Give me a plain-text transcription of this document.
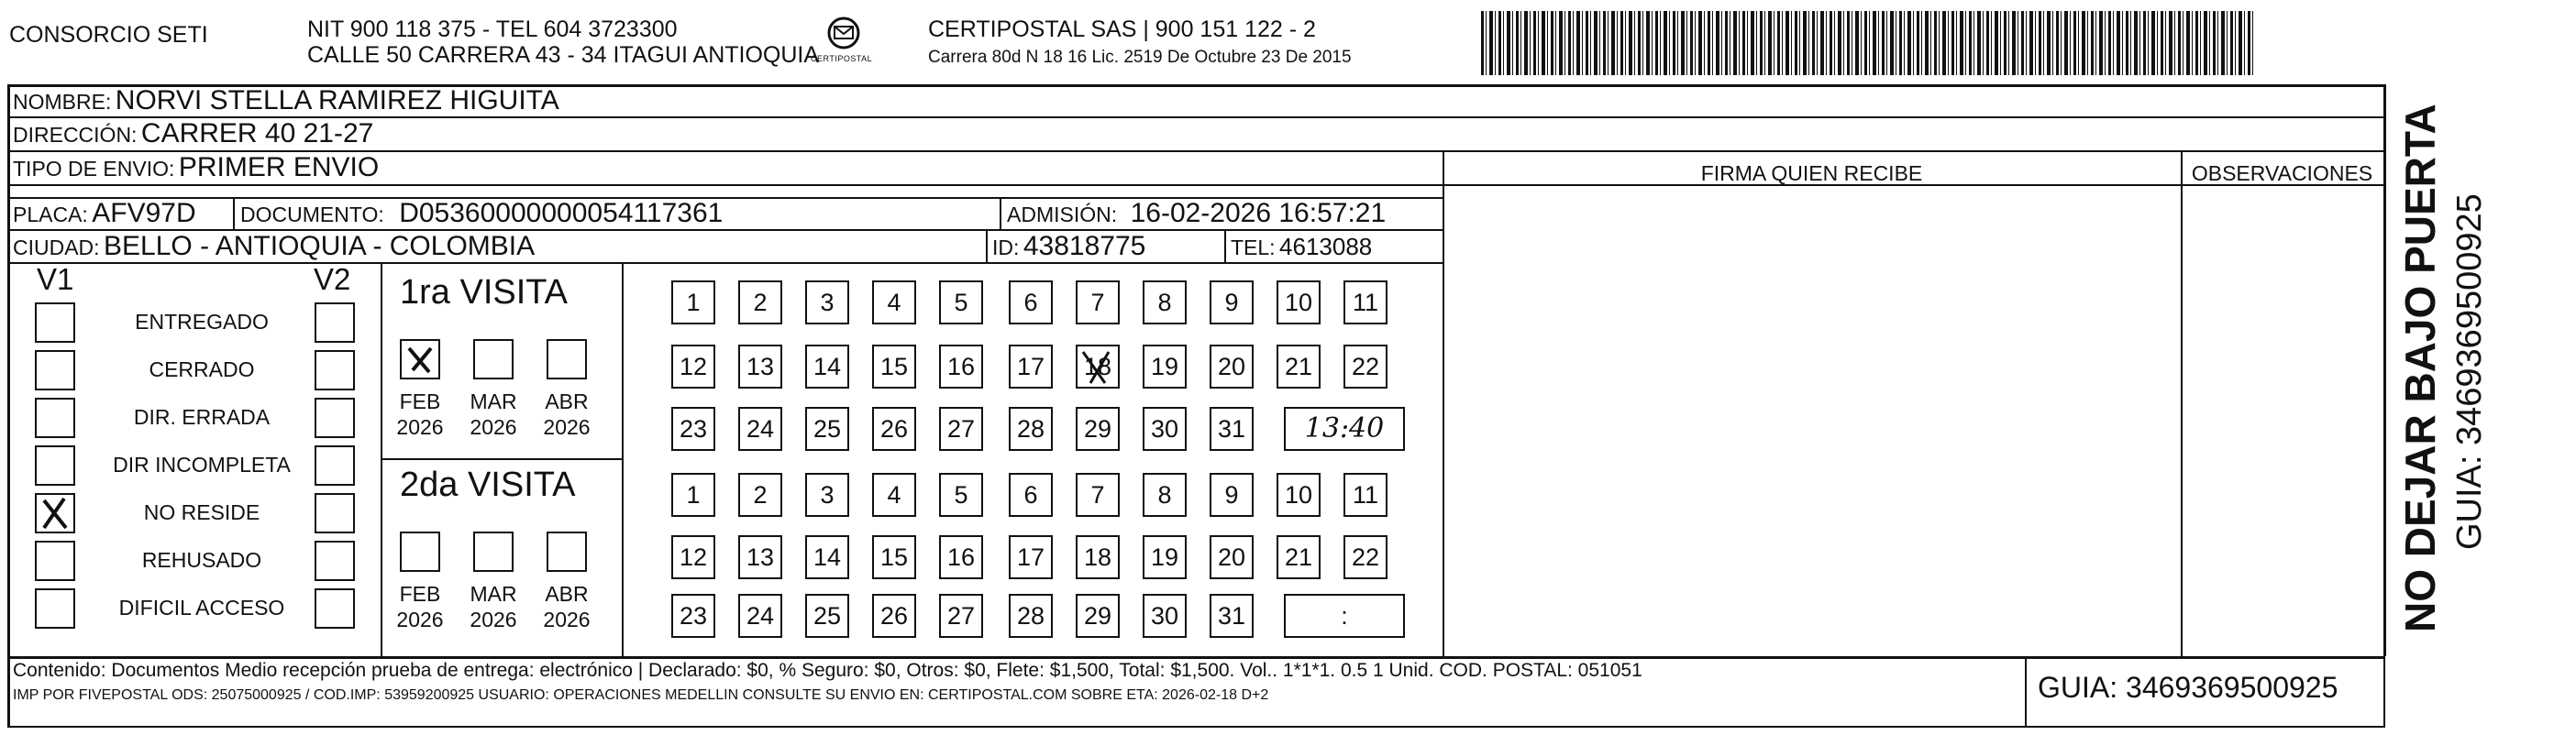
CONSORCIO SETI	NIT 900 118 375 - TEL 604 3723300
CALLE 50 CARRERA 43 - 34 ITAGUI ANTIOQUIA
CERTIPOSTAL
CERTIPOSTAL SAS | 900 151 122 - 2
Carrera 80d N 18 16 Lic. 2519 De Octubre 23 De 2015
NOMBRE: NORVI STELLA RAMIREZ HIGUITA
DIRECCIÓN: CARRER 40 21-27
TIPO DE ENVIO: PRIMER ENVIO	FIRMA QUIEN RECIBE	OBSERVACIONES
PLACA: AFV97D DOCUMENTO: D05360000000054117361	ADMISIÓN: 16-02-2026 16:57:21
CIUDAD: BELLO - ANTIOQUIA - COLOMBIA	ID: 43818775	TEL: 4613088
V1	V2
ENTREGADO
CERRADO
DIR. ERRADA
DIR INCOMPLETA
NO RESIDE
REHUSADO
DIFICIL ACCESO
1ra VISITA
FEB
2026
MAR
2026
ABR
2026
2da VISITA
FEB
2026
MAR
2026
ABR
2026
1	2	3	4	5	6	7	8	9	10	11
12	13	14	15	16	17	18	19	20	21	22
23	24	25	26	27	28	29	30	31
1	2	3	4	5	6	7	8	9	10	11
12	13	14	15	16	17	18	19	20	21	22
23	24	25	26	27	28	29	30	31
13:40
:
Contenido: Documentos Medio recepción prueba de entrega: electrónico | Declarado: $0, % Seguro: $0, Otros: $0, Flete: $1,500, Total: $1,500. Vol.. 1*1*1. 0.5 1 Unid. COD. POSTAL: 051051
IMP POR FIVEPOSTAL ODS: 25075000925 / COD.IMP: 53959200925 USUARIO: OPERACIONES MEDELLIN CONSULTE SU ENVIO EN: CERTIPOSTAL.COM SOBRE ETA: 2026-02-18 D+2	GUIA: 3469369500925
NO DEJAR BAJO PUERTA GUIA: 3469369500925
